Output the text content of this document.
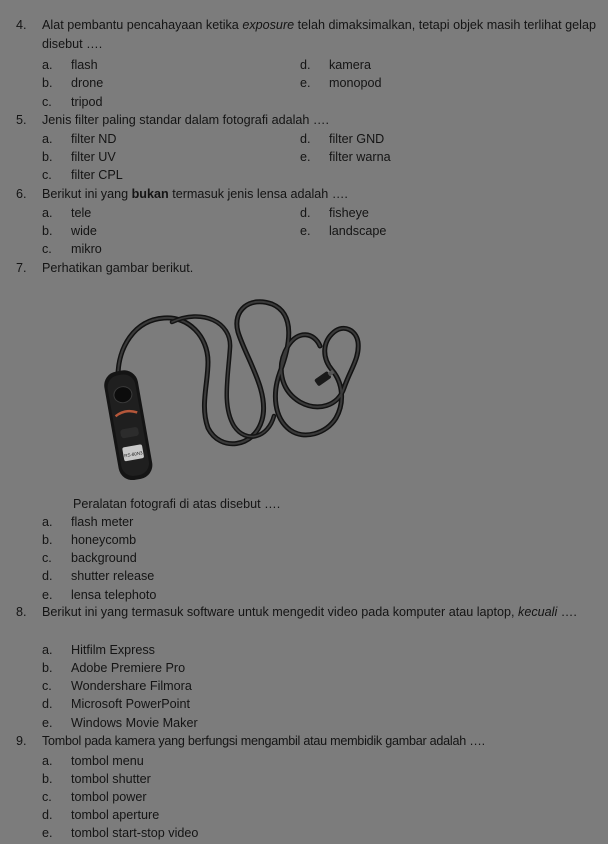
4. Alat pembantu pencahayaan ketika exposure telah dimaksimalkan, tetapi objek masih terlihat gelap disebut ….
a. flash
b. drone
c. tripod
d. kamera
e. monopod
5. Jenis filter paling standar dalam fotografi adalah ….
a. filter ND
b. filter UV
c. filter CPL
d. filter GND
e. filter warna
6. Berikut ini yang bukan termasuk jenis lensa adalah ….
a. tele
b. wide
c. mikro
d. fisheye
e. landscape
7. Perhatikan gambar berikut.
RS-80N3
Peralatan fotografi di atas disebut ….
a. flash meter
b. honeycomb
c. background
d. shutter release
e. lensa telephoto
8. Berikut ini yang termasuk software untuk mengedit video pada komputer atau laptop, kecuali ….
a. Hitfilm Express
b. Adobe Premiere Pro
c. Wondershare Filmora
d. Microsoft PowerPoint
e. Windows Movie Maker
9. Tombol pada kamera yang berfungsi mengambil atau membidik gambar adalah ….
a. tombol menu
b. tombol shutter
c. tombol power
d. tombol aperture
e. tombol start-stop video
